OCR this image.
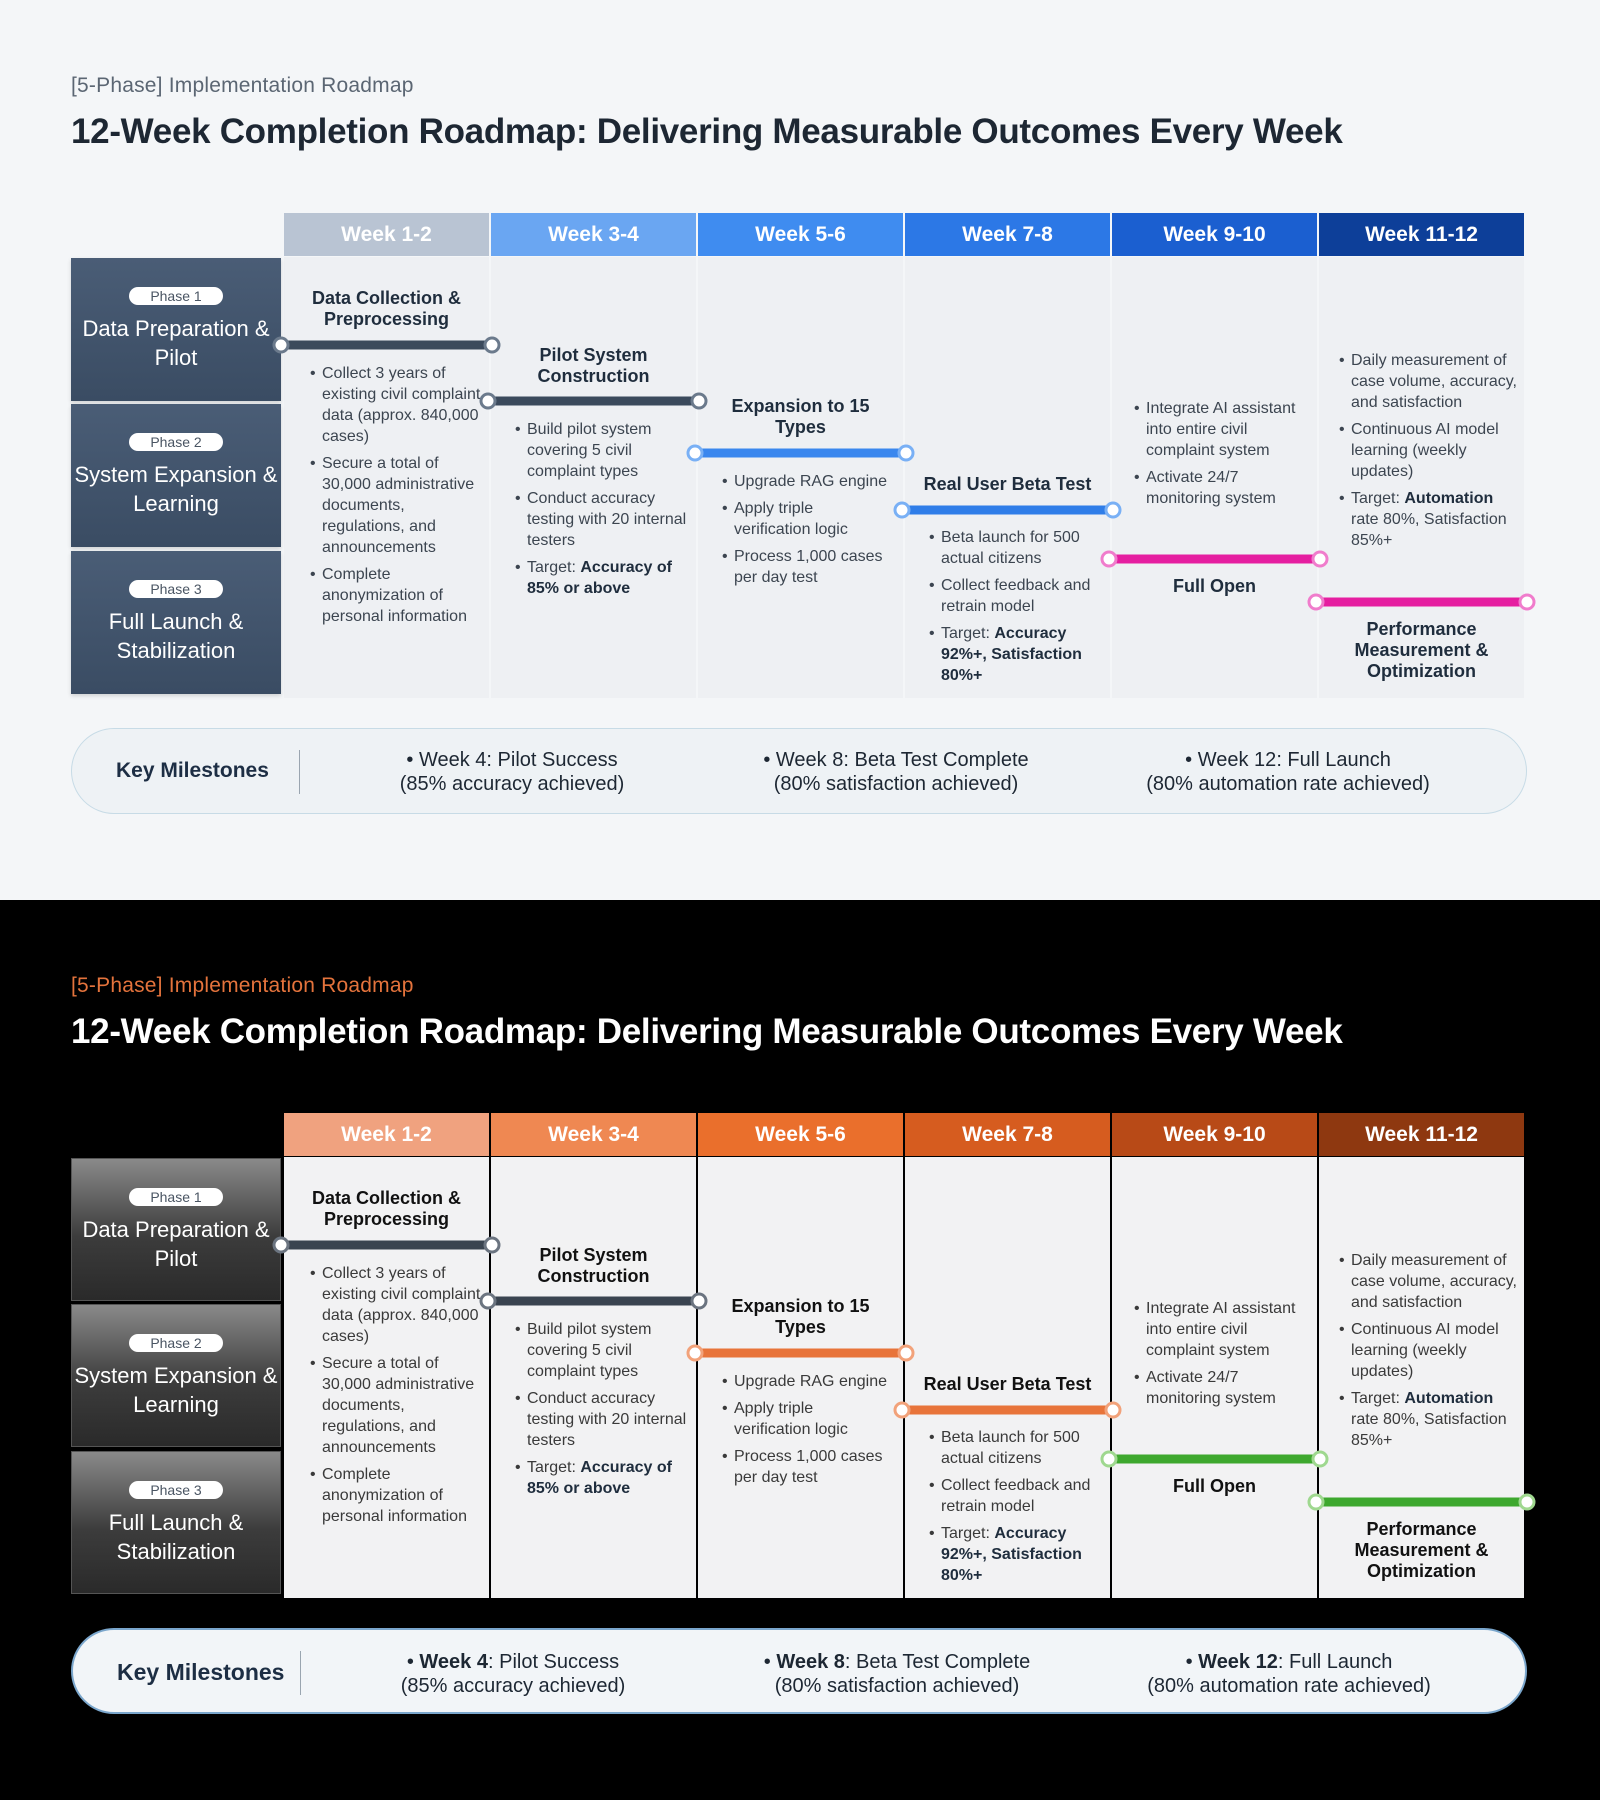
[5-Phase] Implementation Roadmap
12-Week Completion Roadmap: Delivering Measurable Outcomes Every Week
Week 1-2	Week 3-4	Week 5-6	Week 7-8	Week 9-10	Week 11-12
Phase 1
Data Preparation & Pilot
Phase 2
System Expansion & Learning
Phase 3
Full Launch & Stabilization
Data Collection & Preprocessing
• Collect 3 years of existing civil complaint data (approx. 840,000 cases)
• Secure a total of 30,000 administrative documents, regulations, and announcements
• Complete anonymization of personal information
Pilot System Construction
• Build pilot system covering 5 civil complaint types
• Conduct accuracy testing with 20 internal testers
• Target: Accuracy of 85% or above
Expansion to 15 Types
• Upgrade RAG engine
• Apply triple verification logic
• Process 1,000 cases per day test
Real User Beta Test
• Beta launch for 500 actual citizens
• Collect feedback and retrain model
• Target: Accuracy 92%+, Satisfaction 80%+
Full Open
• Integrate AI assistant into entire civil complaint system
• Activate 24/7 monitoring system
Performance Measurement & Optimization
• Daily measurement of case volume, accuracy, and satisfaction
• Continuous AI model learning (weekly updates)
• Target: Automation rate 80%, Satisfaction 85%+
Key Milestones	• Week 4: Pilot Success
(85% accuracy achieved)
• Week 8: Beta Test Complete
(80% satisfaction achieved)
• Week 12: Full Launch
(80% automation rate achieved)
[5-Phase] Implementation Roadmap
12-Week Completion Roadmap: Delivering Measurable Outcomes Every Week
Week 1-2	Week 3-4	Week 5-6	Week 7-8	Week 9-10	Week 11-12
Phase 1
Data Preparation & Pilot
Phase 2
System Expansion & Learning
Phase 3
Full Launch & Stabilization
Data Collection & Preprocessing
• Collect 3 years of existing civil complaint data (approx. 840,000 cases)
• Secure a total of 30,000 administrative documents, regulations, and announcements
• Complete anonymization of personal information
Pilot System Construction
• Build pilot system covering 5 civil complaint types
• Conduct accuracy testing with 20 internal testers
• Target: Accuracy of 85% or above
Expansion to 15 Types
• Upgrade RAG engine
• Apply triple verification logic
• Process 1,000 cases per day test
Real User Beta Test
• Beta launch for 500 actual citizens
• Collect feedback and retrain model
• Target: Accuracy 92%+, Satisfaction 80%+
Full Open
• Integrate AI assistant into entire civil complaint system
• Activate 24/7 monitoring system
Performance Measurement & Optimization
• Daily measurement of case volume, accuracy, and satisfaction
• Continuous AI model learning (weekly updates)
• Target: Automation rate 80%, Satisfaction 85%+
Key Milestones	• Week 4: Pilot Success
(85% accuracy achieved)
• Week 8: Beta Test Complete
(80% satisfaction achieved)
• Week 12: Full Launch
(80% automation rate achieved)
